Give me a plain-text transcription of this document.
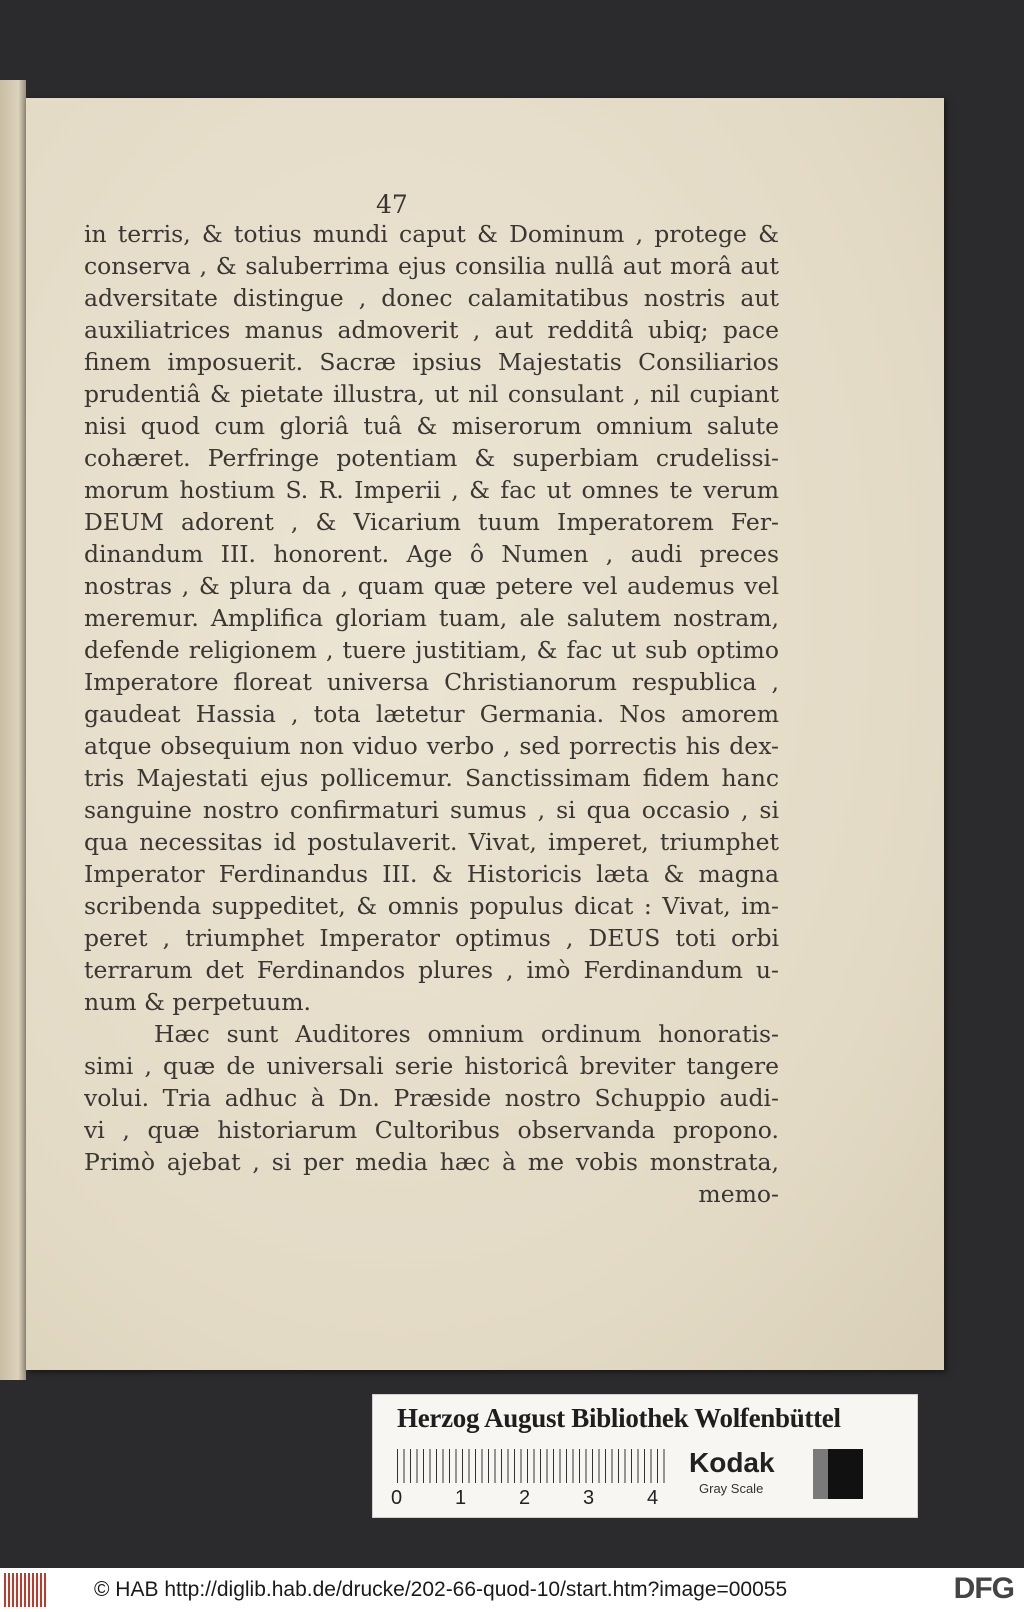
47
in terris, & totius mundi caput & Dominum , protege &
conserva , & saluberrima ejus consilia nullâ aut morâ aut
adversitate distingue , donec calamitatibus nostris aut
auxiliatrices manus admoverit , aut redditâ ubiq; pace
finem imposuerit. Sacræ ipsius Majestatis Consiliarios
prudentiâ & pietate illustra, ut nil consulant , nil cupiant
nisi quod cum gloriâ tuâ & miserorum omnium salute
cohæret. Perfringe potentiam & superbiam crudelissi-
morum hostium S. R. Imperii , & fac ut omnes te verum
DEUM adorent , & Vicarium tuum Imperatorem Fer-
dinandum III. honorent. Age ô Numen , audi preces
nostras , & plura da , quam quæ petere vel audemus vel
meremur. Amplifica gloriam tuam, ale salutem nostram,
defende religionem , tuere justitiam, & fac ut sub optimo
Imperatore floreat universa Christianorum respublica ,
gaudeat Hassia , tota lætetur Germania. Nos amorem
atque obsequium non viduo verbo , sed porrectis his dex-
tris Majestati ejus pollicemur. Sanctissimam fidem hanc
sanguine nostro confirmaturi sumus , si qua occasio , si
qua necessitas id postulaverit. Vivat, imperet, triumphet
Imperator Ferdinandus III. & Historicis læta & magna
scribenda suppeditet, & omnis populus dicat : Vivat, im-
peret , triumphet Imperator optimus , DEUS toti orbi
terrarum det Ferdinandos plures , imò Ferdinandum u-
num & perpetuum.
Hæc sunt Auditores omnium ordinum honoratis-
simi , quæ de universali serie historicâ breviter tangere
volui. Tria adhuc à Dn. Præside nostro Schuppio audi-
vi , quæ historiarum Cultoribus observanda propono.
Primò ajebat , si per media hæc à me vobis monstrata,
memo-
Herzog August Bibliothek Wolfenbüttel
0	1	2	3	4
Kodak
Gray Scale
© HAB http://diglib.hab.de/drucke/202-66-quod-10/start.htm?image=00055	DFG
